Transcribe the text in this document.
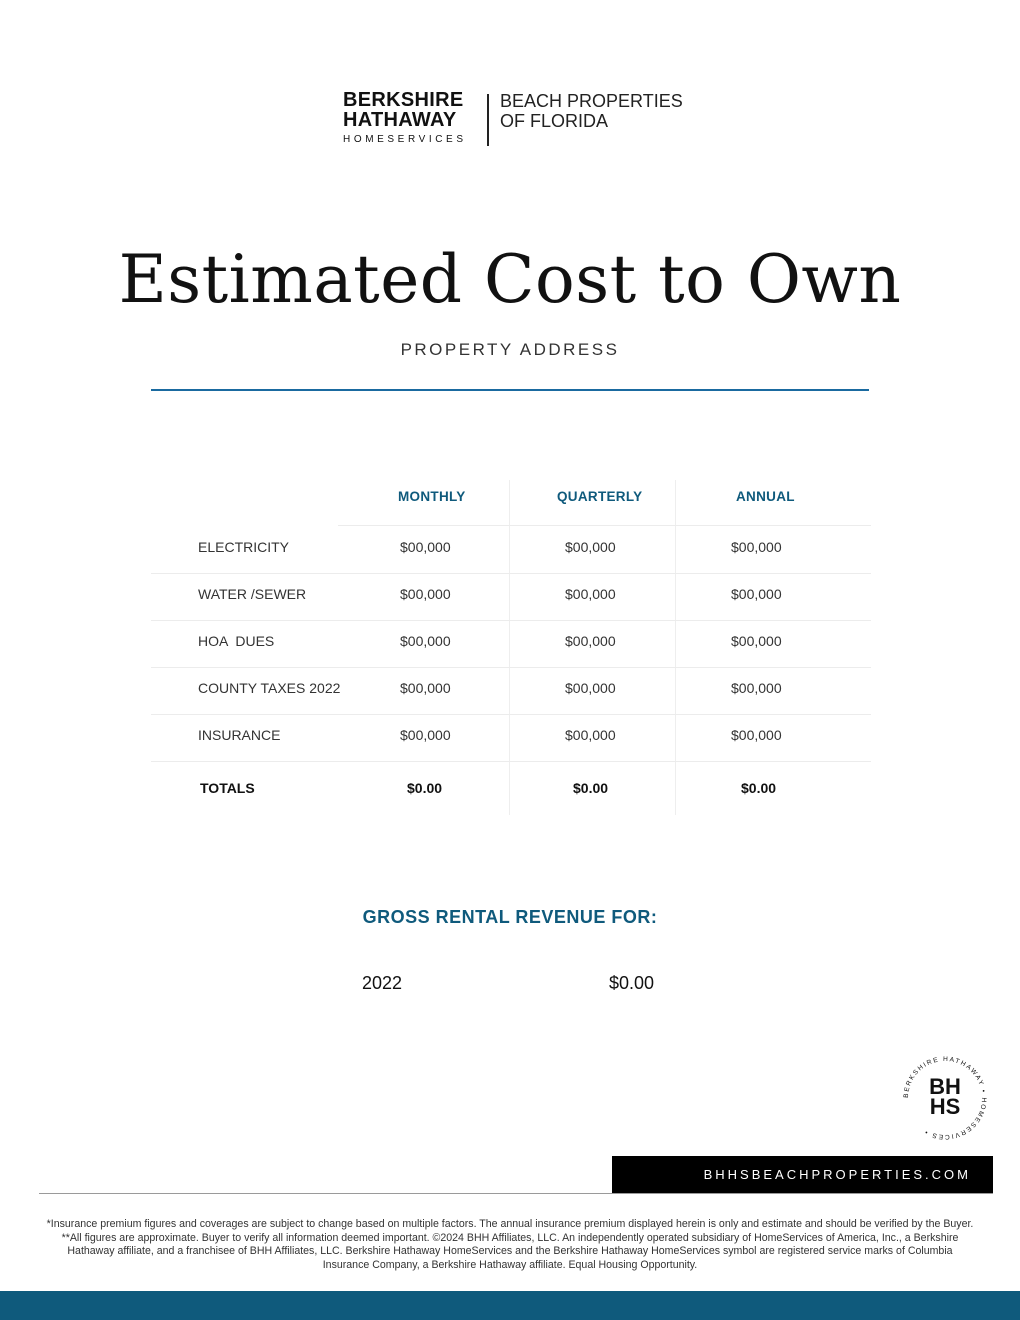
BERKSHIRE
HATHAWAY
HOMESERVICES
BEACH PROPERTIES
OF FLORIDA
Estimated Cost to Own
PROPERTY ADDRESS
MONTHLY	QUARTERLY	ANNUAL
ELECTRICITY	$00,000	$00,000	$00,000
WATER /SEWER	$00,000	$00,000	$00,000
HOA  DUES	$00,000	$00,000	$00,000
COUNTY TAXES 2022	$00,000	$00,000	$00,000
INSURANCE	$00,000	$00,000	$00,000
TOTALS	$0.00	$0.00	$0.00
GROSS RENTAL REVENUE FOR:
2022	$0.00
BERKSHIRE HATHAWAY • HOMESERVICES •
BH
HS
BHHSBEACHPROPERTIES.COM
*Insurance premium figures and coverages are subject to change based on multiple factors. The annual insurance premium displayed herein is only and estimate and should be verified by the Buyer. **All figures are approximate. Buyer to verify all information deemed important. ©2024 BHH Affiliates, LLC. An independently operated subsidiary of HomeServices of America, Inc., a Berkshire Hathaway affiliate, and a franchisee of BHH Affiliates, LLC. Berkshire Hathaway HomeServices and the Berkshire Hathaway HomeServices symbol are registered service marks of Columbia Insurance Company, a Berkshire Hathaway affiliate. Equal Housing Opportunity.
